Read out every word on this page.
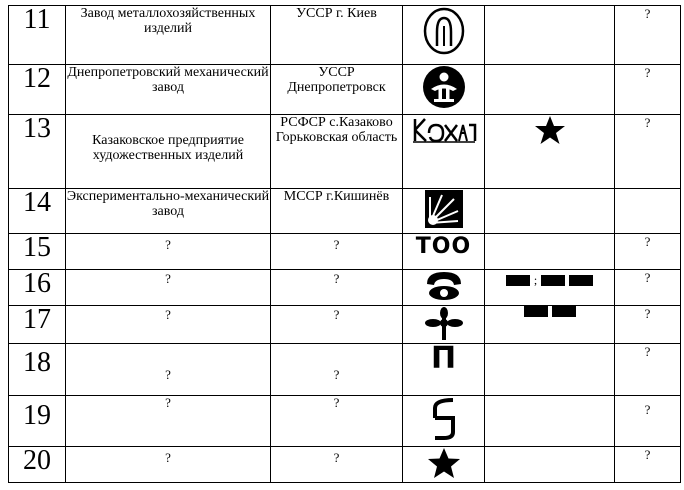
11	Завод металлохозяйственных изделий	УССР г. Киев			?
12	Днепропетровский механический завод	УССР Днепропетровск			?
13	Казаковское предприятие художественных изделий	РСФСР с.Казаково Горьковская область			?
14	Экспериментально-механический завод	МССР г.Кишинёв	

15	?	?	ТОО		?
16	?	?		;	?
17	?	?			?
18	?	?	П		?
19	?	?			?
20	?	?			?
